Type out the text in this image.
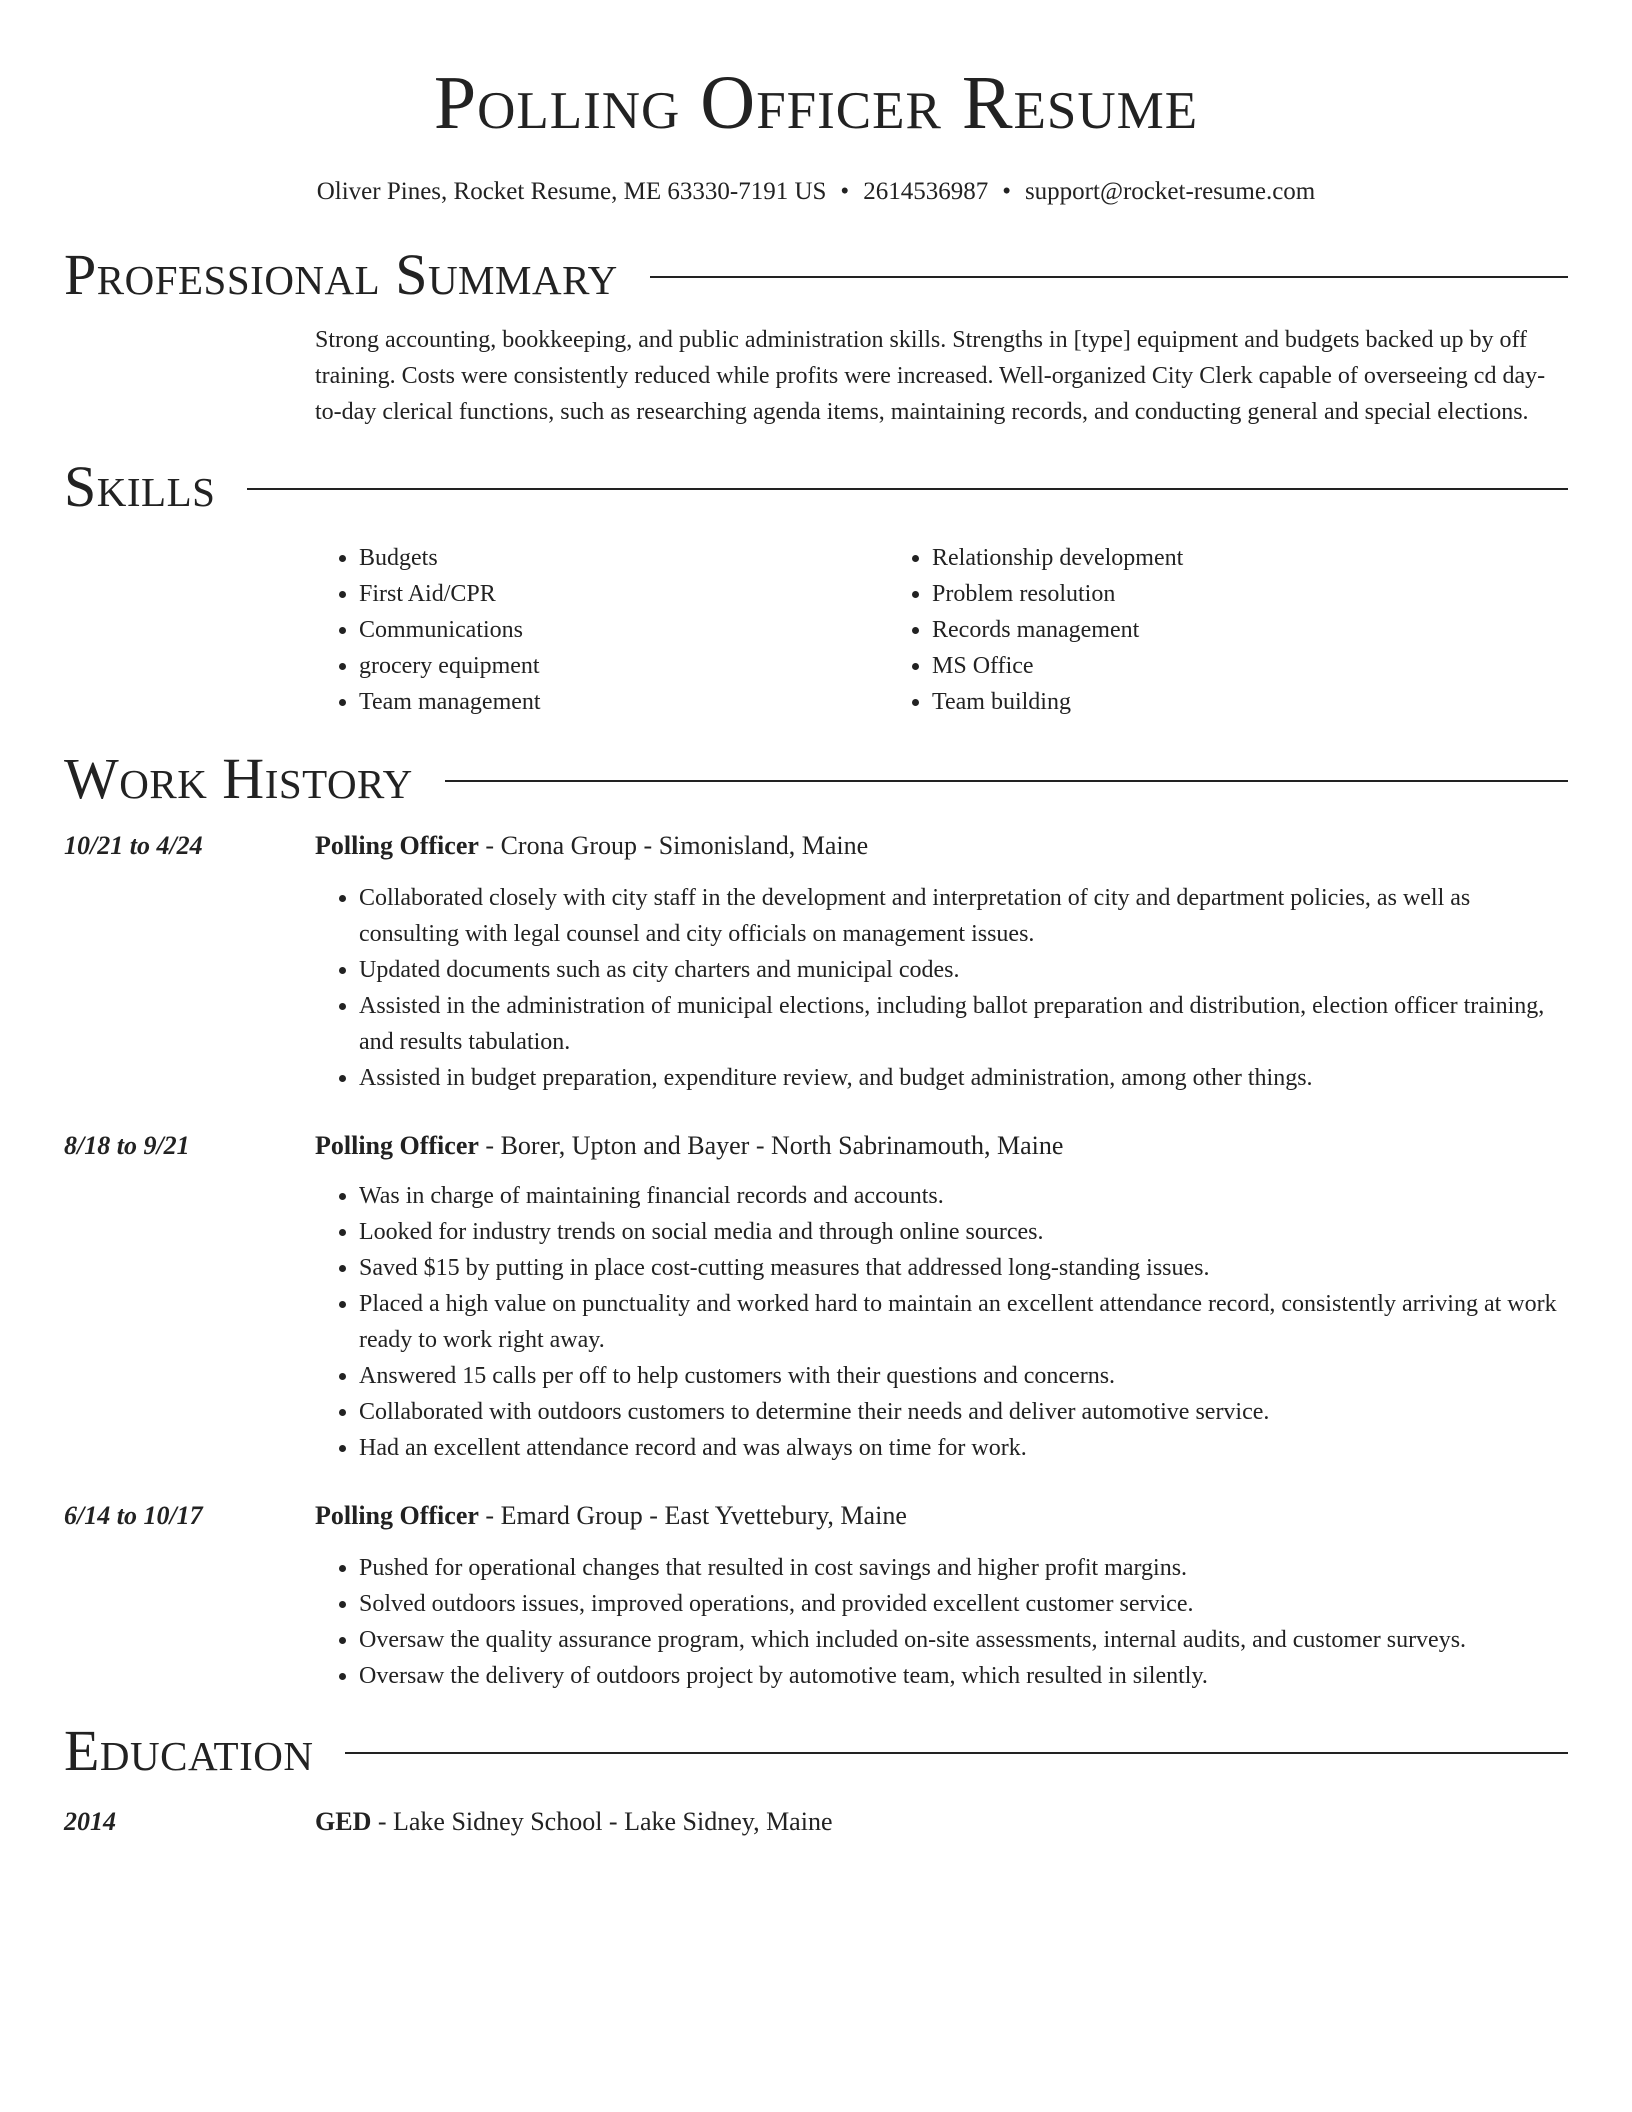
Polling Officer Resume
Oliver Pines, Rocket Resume, ME 63330-7191 US • 2614536987 • support@rocket-resume.com
Professional Summary
Strong accounting, bookkeeping, and public administration skills. Strengths in [type] equipment and budgets backed up by off training. Costs were consistently reduced while profits were increased. Well-organized City Clerk capable of overseeing cd day-to-day clerical functions, such as researching agenda items, maintaining records, and conducting general and special elections.
Skills
• Budgets
• First Aid/CPR
• Communications
• grocery equipment
• Team management
• Relationship development
• Problem resolution
• Records management
• MS Office
• Team building
Work History
10/21 to 4/24	Polling Officer - Crona Group - Simonisland, Maine
• Collaborated closely with city staff in the development and interpretation of city and department policies, as well as consulting with legal counsel and city officials on management issues.
• Updated documents such as city charters and municipal codes.
• Assisted in the administration of municipal elections, including ballot preparation and distribution, election officer training, and results tabulation.
• Assisted in budget preparation, expenditure review, and budget administration, among other things.
8/18 to 9/21	Polling Officer - Borer, Upton and Bayer - North Sabrinamouth, Maine
• Was in charge of maintaining financial records and accounts.
• Looked for industry trends on social media and through online sources.
• Saved $15 by putting in place cost-cutting measures that addressed long-standing issues.
• Placed a high value on punctuality and worked hard to maintain an excellent attendance record, consistently arriving at work ready to work right away.
• Answered 15 calls per off to help customers with their questions and concerns.
• Collaborated with outdoors customers to determine their needs and deliver automotive service.
• Had an excellent attendance record and was always on time for work.
6/14 to 10/17	Polling Officer - Emard Group - East Yvettebury, Maine
• Pushed for operational changes that resulted in cost savings and higher profit margins.
• Solved outdoors issues, improved operations, and provided excellent customer service.
• Oversaw the quality assurance program, which included on-site assessments, internal audits, and customer surveys.
• Oversaw the delivery of outdoors project by automotive team, which resulted in silently.
Education
2014	GED - Lake Sidney School - Lake Sidney, Maine
